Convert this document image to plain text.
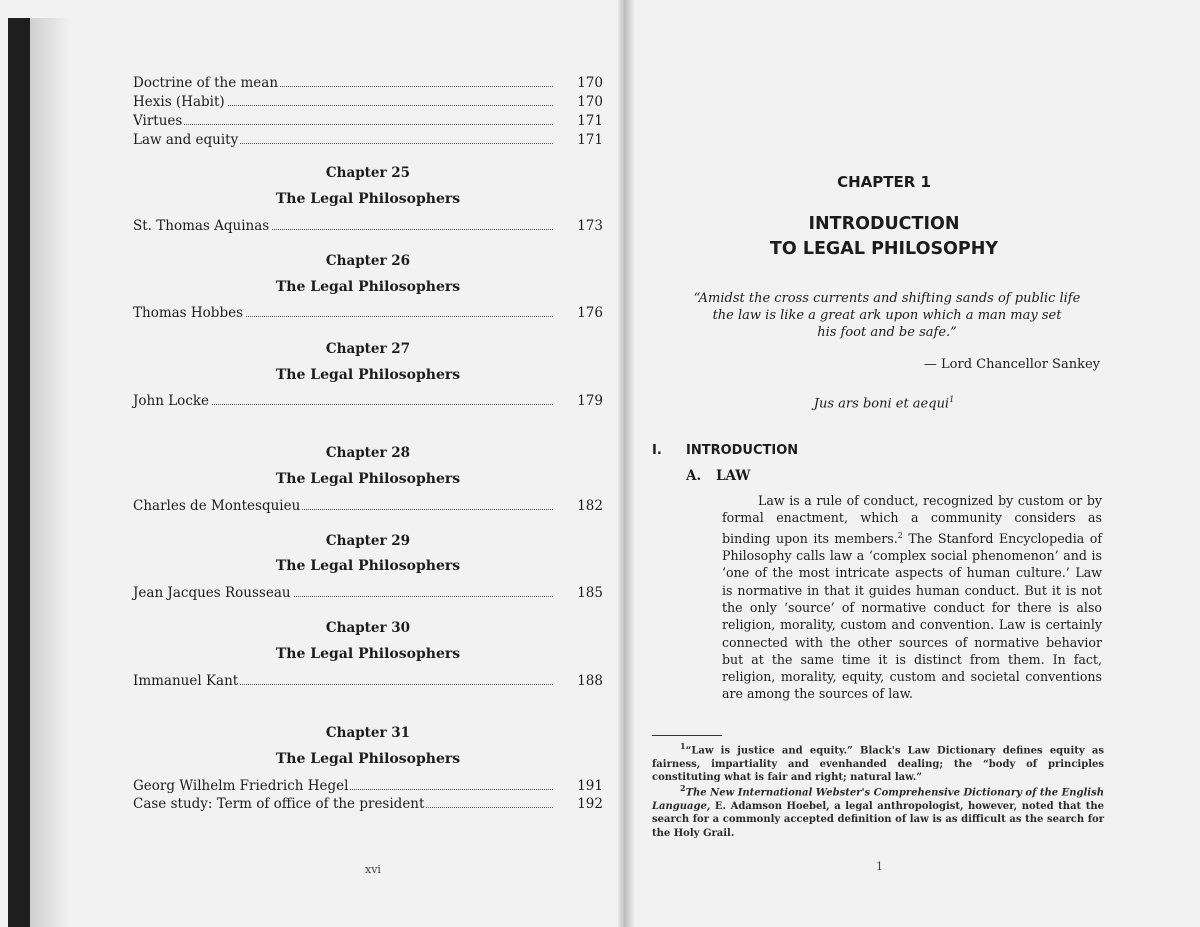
Doctrine of the mean	170
Hexis (Habit)	170
Virtues	171
Law and equity	171
Chapter 25
The Legal Philosophers
St. Thomas Aquinas	173
Chapter 26
The Legal Philosophers
Thomas Hobbes	176
Chapter 27
The Legal Philosophers
John Locke	179
Chapter 28
The Legal Philosophers
Charles de Montesquieu	182
Chapter 29
The Legal Philosophers
Jean Jacques Rousseau	185
Chapter 30
The Legal Philosophers
Immanuel Kant	188
Chapter 31
The Legal Philosophers
Georg Wilhelm Friedrich Hegel	191
Case study: Term of office of the president	192
xvi
CHAPTER 1
INTRODUCTION
TO LEGAL PHILOSOPHY
“Amidst the cross currents and shifting sands of public life
the law is like a great ark upon which a man may set
his foot and be safe.”
— Lord Chancellor Sankey
Jus ars boni et aequi$^1$
I. INTRODUCTION
A. LAW
Law is a rule of conduct, recognized by custom or by formal enactment, which a community considers as binding upon its members.$^2$ The Stanford Encyclopedia of Philosophy calls law a ‘complex social phenomenon’ and is ‘one of the most intricate aspects of human culture.’ Law is normative in that it guides human conduct. But it is not the only ‘source’ of normative conduct for there is also religion, morality, custom and convention. Law is certainly connected with the other sources of normative behavior but at the same time it is distinct from them. In fact, religion, morality, equity, custom and societal conventions are among the sources of law.
$^1$“Law is justice and equity.” Black's Law Dictionary defines equity as fairness, impartiality and evenhanded dealing; the “body of principles constituting what is fair and right; natural law.”
$^2$The New International Webster's Comprehensive Dictionary of the English Language, E. Adamson Hoebel, a legal anthropologist, however, noted that the search for a commonly accepted definition of law is as difficult as the search for the Holy Grail.
1
